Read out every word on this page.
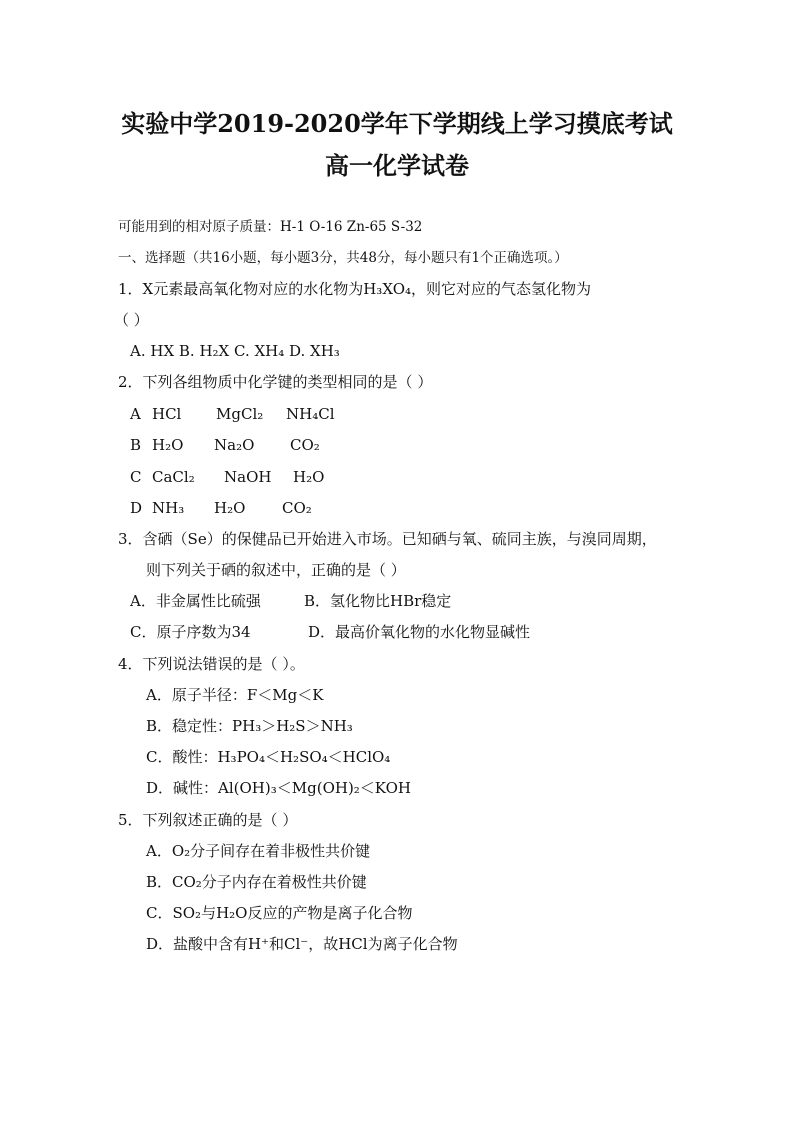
实验中学2019-2020学年下学期线上学习摸底考试
高一化学试卷
可能用到的相对原子质量：H-1 O-16 Zn-65 S-32
一、选择题（共16小题，每小题3分，共48分，每小题只有1个正确选项。）
1．X元素最高氧化物对应的水化物为H₃XO₄，则它对应的气态氢化物为
（ ）
A. HX B. H₂X C. XH₄ D. XH₃
2．下列各组物质中化学键的类型相同的是（ ）
A HCl MgCl₂ NH₄Cl
B H₂O Na₂O CO₂
C CaCl₂ NaOH H₂O
D NH₃ H₂O CO₂
3．含硒（Se）的保健品已开始进入市场。已知硒与氧、硫同主族，与溴同周期，
则下列关于硒的叙述中，正确的是（ ）
A．非金属性比硫强	B．氢化物比HBr稳定
C．原子序数为34	D．最高价氧化物的水化物显碱性
4．下列说法错误的是（ ）。
A．原子半径：F＜Mg＜K
B．稳定性：PH₃＞H₂S＞NH₃
C．酸性：H₃PO₄＜H₂SO₄＜HClO₄
D．碱性：Al(OH)₃＜Mg(OH)₂＜KOH
5．下列叙述正确的是（ ）
A．O₂分子间存在着非极性共价键
B．CO₂分子内存在着极性共价键
C．SO₂与H₂O反应的产物是离子化合物
D．盐酸中含有H⁺和Cl⁻，故HCl为离子化合物
